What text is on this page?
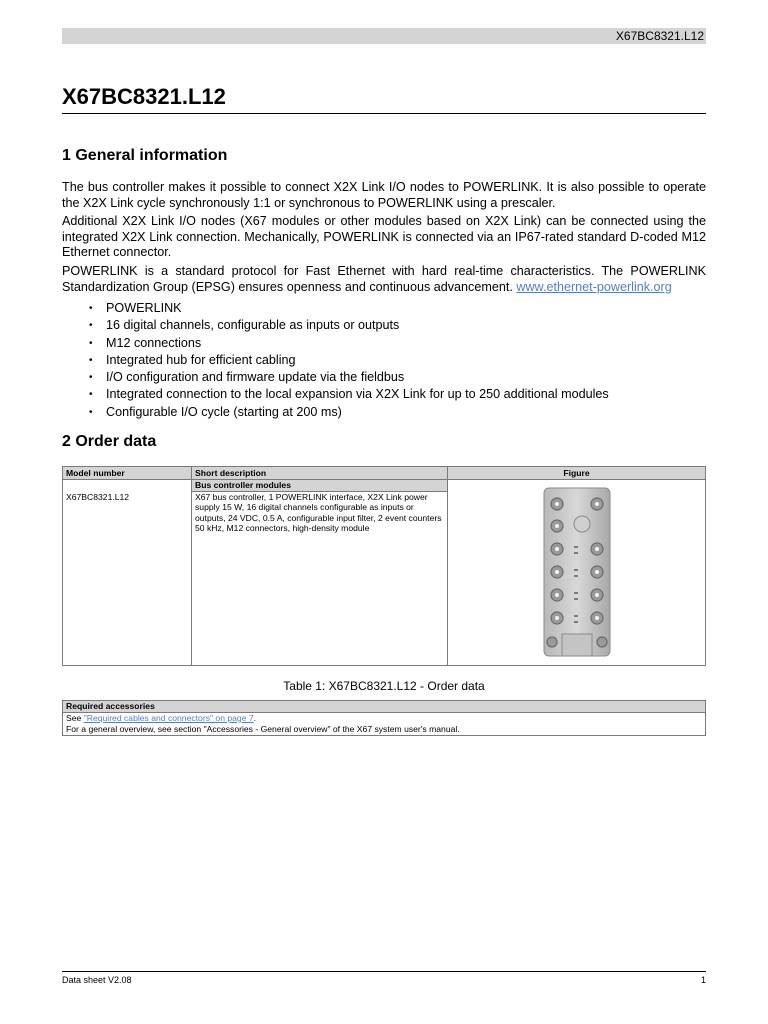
X67BC8321.L12
X67BC8321.L12
1 General information

The bus controller makes it possible to connect X2X Link I/O nodes to POWERLINK. It is also possible to operate the X2X Link cycle synchronously 1:1 or synchronous to POWERLINK using a prescaler.

Additional X2X Link I/O nodes (X67 modules or other modules based on X2X Link) can be connected using the integrated X2X Link connection. Mechanically, POWERLINK is connected via an IP67-rated standard D-coded M12 Ethernet connector.

POWERLINK is a standard protocol for Fast Ethernet with hard real-time characteristics. The POWERLINK Standardization Group (EPSG) ensures openness and continuous advancement. www.ethernet-powerlink.org

• POWERLINK
• 16 digital channels, configurable as inputs or outputs
• M12 connections
• Integrated hub for efficient cabling
• I/O configuration and firmware update via the fieldbus
• Integrated connection to the local expansion via X2X Link for up to 250 additional modules
• Configurable I/O cycle (starting at 200 ms)
2 Order data
Model number	Short description	Figure
	Bus controller modules	
X67BC8321.L12	X67 bus controller, 1 POWERLINK interface, X2X Link power supply 15 W, 16 digital channels configurable as inputs or outputs, 24 VDC, 0.5 A, configurable input filter, 2 event counters 50 kHz, M12 connectors, high-density module	
Table 1: X67BC8321.L12 - Order data
Required accessories
See "Required cables and connectors" on page 7.
For a general overview, see section "Accessories - General overview" of the X67 system user's manual.
Data sheet V2.08	1
